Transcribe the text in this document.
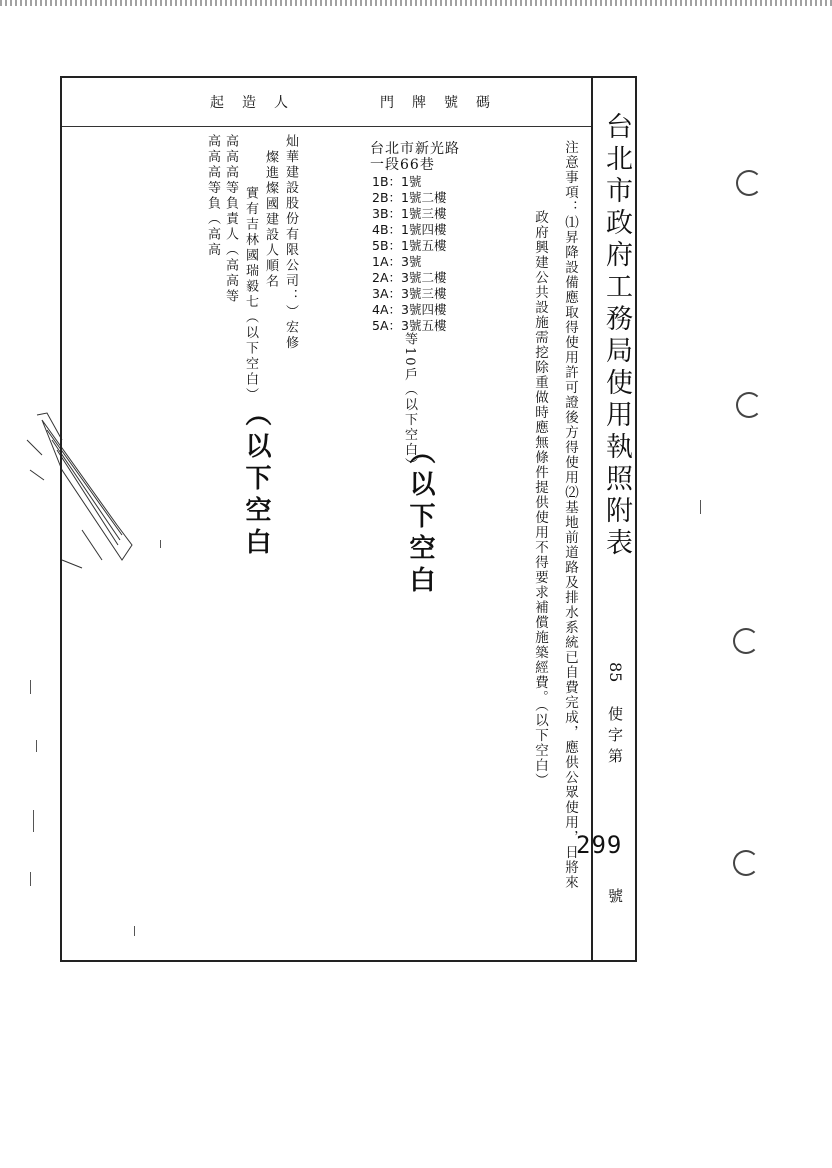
起造人	門牌號碼
台北市政府工務局使用執照附表
85
使字第
299
號
注意事項：⑴昇降設備應取得使用許可證後方得使用⑵基地前道路及排水系統已自費完成，應供公眾使用，日將來
政府興建公共設施需挖除重做時應無條件提供使用不得要求補償施築經費。（以下空白）
台北市新光路
一段66巷
1B：1號
2B：1號二樓
3B：1號三樓
4B：1號四樓
5B：1號五樓
1A：3號
2A：3號二樓
3A：3號三樓
4A：3號四樓
5A：3號五樓
等10戶（以下空白）
（以下空白
灿華建設股份有限公司：）宏修
燦進燦國建設人順名
實有吉林國瑞毅七（以下空白）
高高高等負責人（高高等
高高高等負（高高
（以下空白
